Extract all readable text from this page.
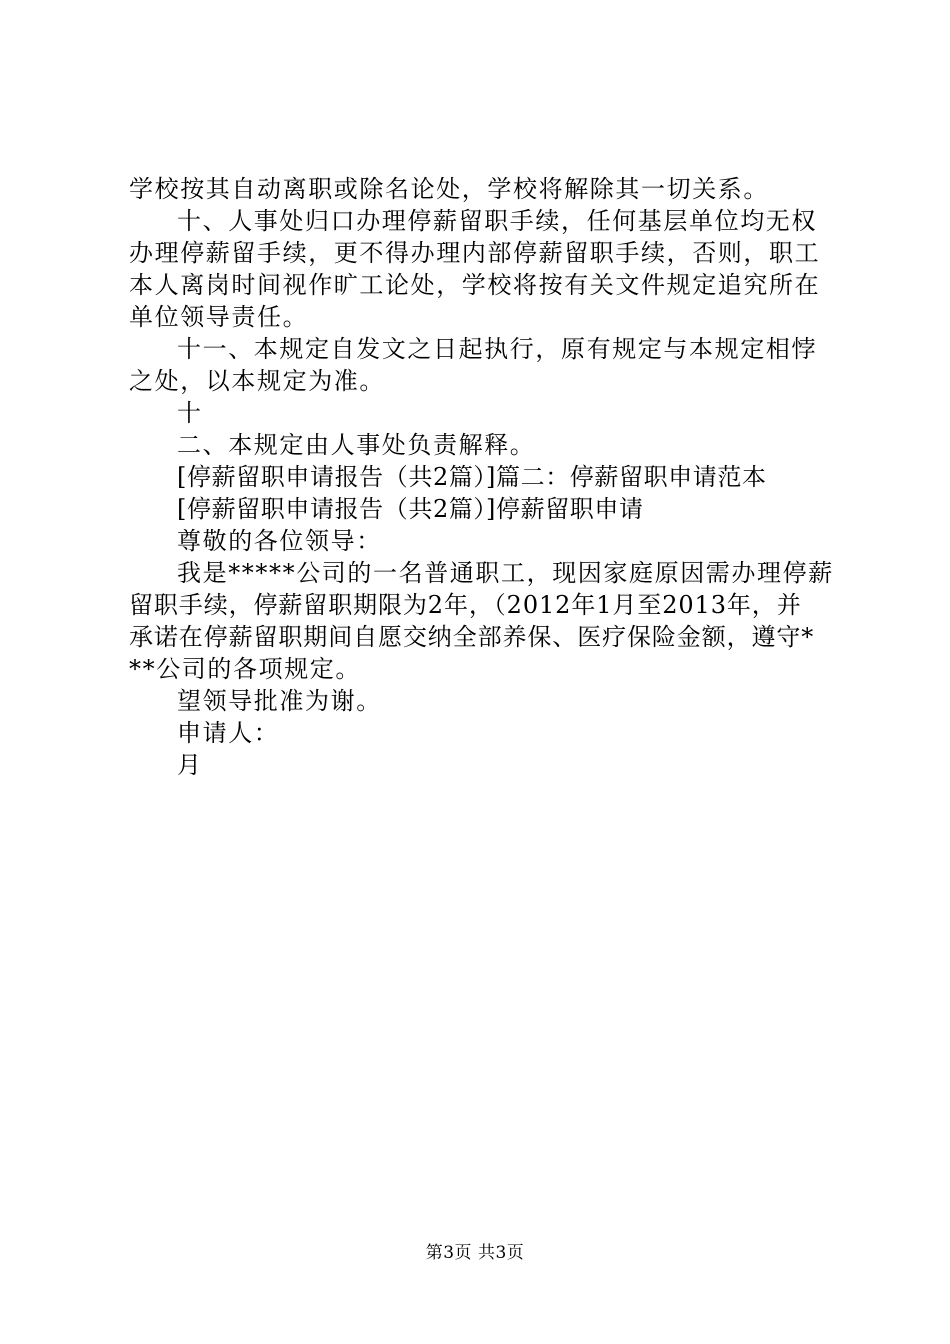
学校按其自动离职或除名论处，学校将解除其一切关系。
十、人事处归口办理停薪留职手续，任何基层单位均无权
办理停薪留手续，更不得办理内部停薪留职手续，否则，职工
本人离岗时间视作旷工论处，学校将按有关文件规定追究所在
单位领导责任。
十一、本规定自发文之日起执行，原有规定与本规定相悖
之处，以本规定为准。
十
二、本规定由人事处负责解释。
[停薪留职申请报告（共2篇）]篇二：停薪留职申请范本
[停薪留职申请报告（共2篇）]停薪留职申请
尊敬的各位领导：
我是*****公司的一名普通职工，现因家庭原因需办理停薪
留职手续，停薪留职期限为2年，（2012年1月至2013年，并
承诺在停薪留职期间自愿交纳全部养保、医疗保险金额，遵守*
**公司的各项规定。
望领导批准为谢。
申请人：
月
第3页 共3页
